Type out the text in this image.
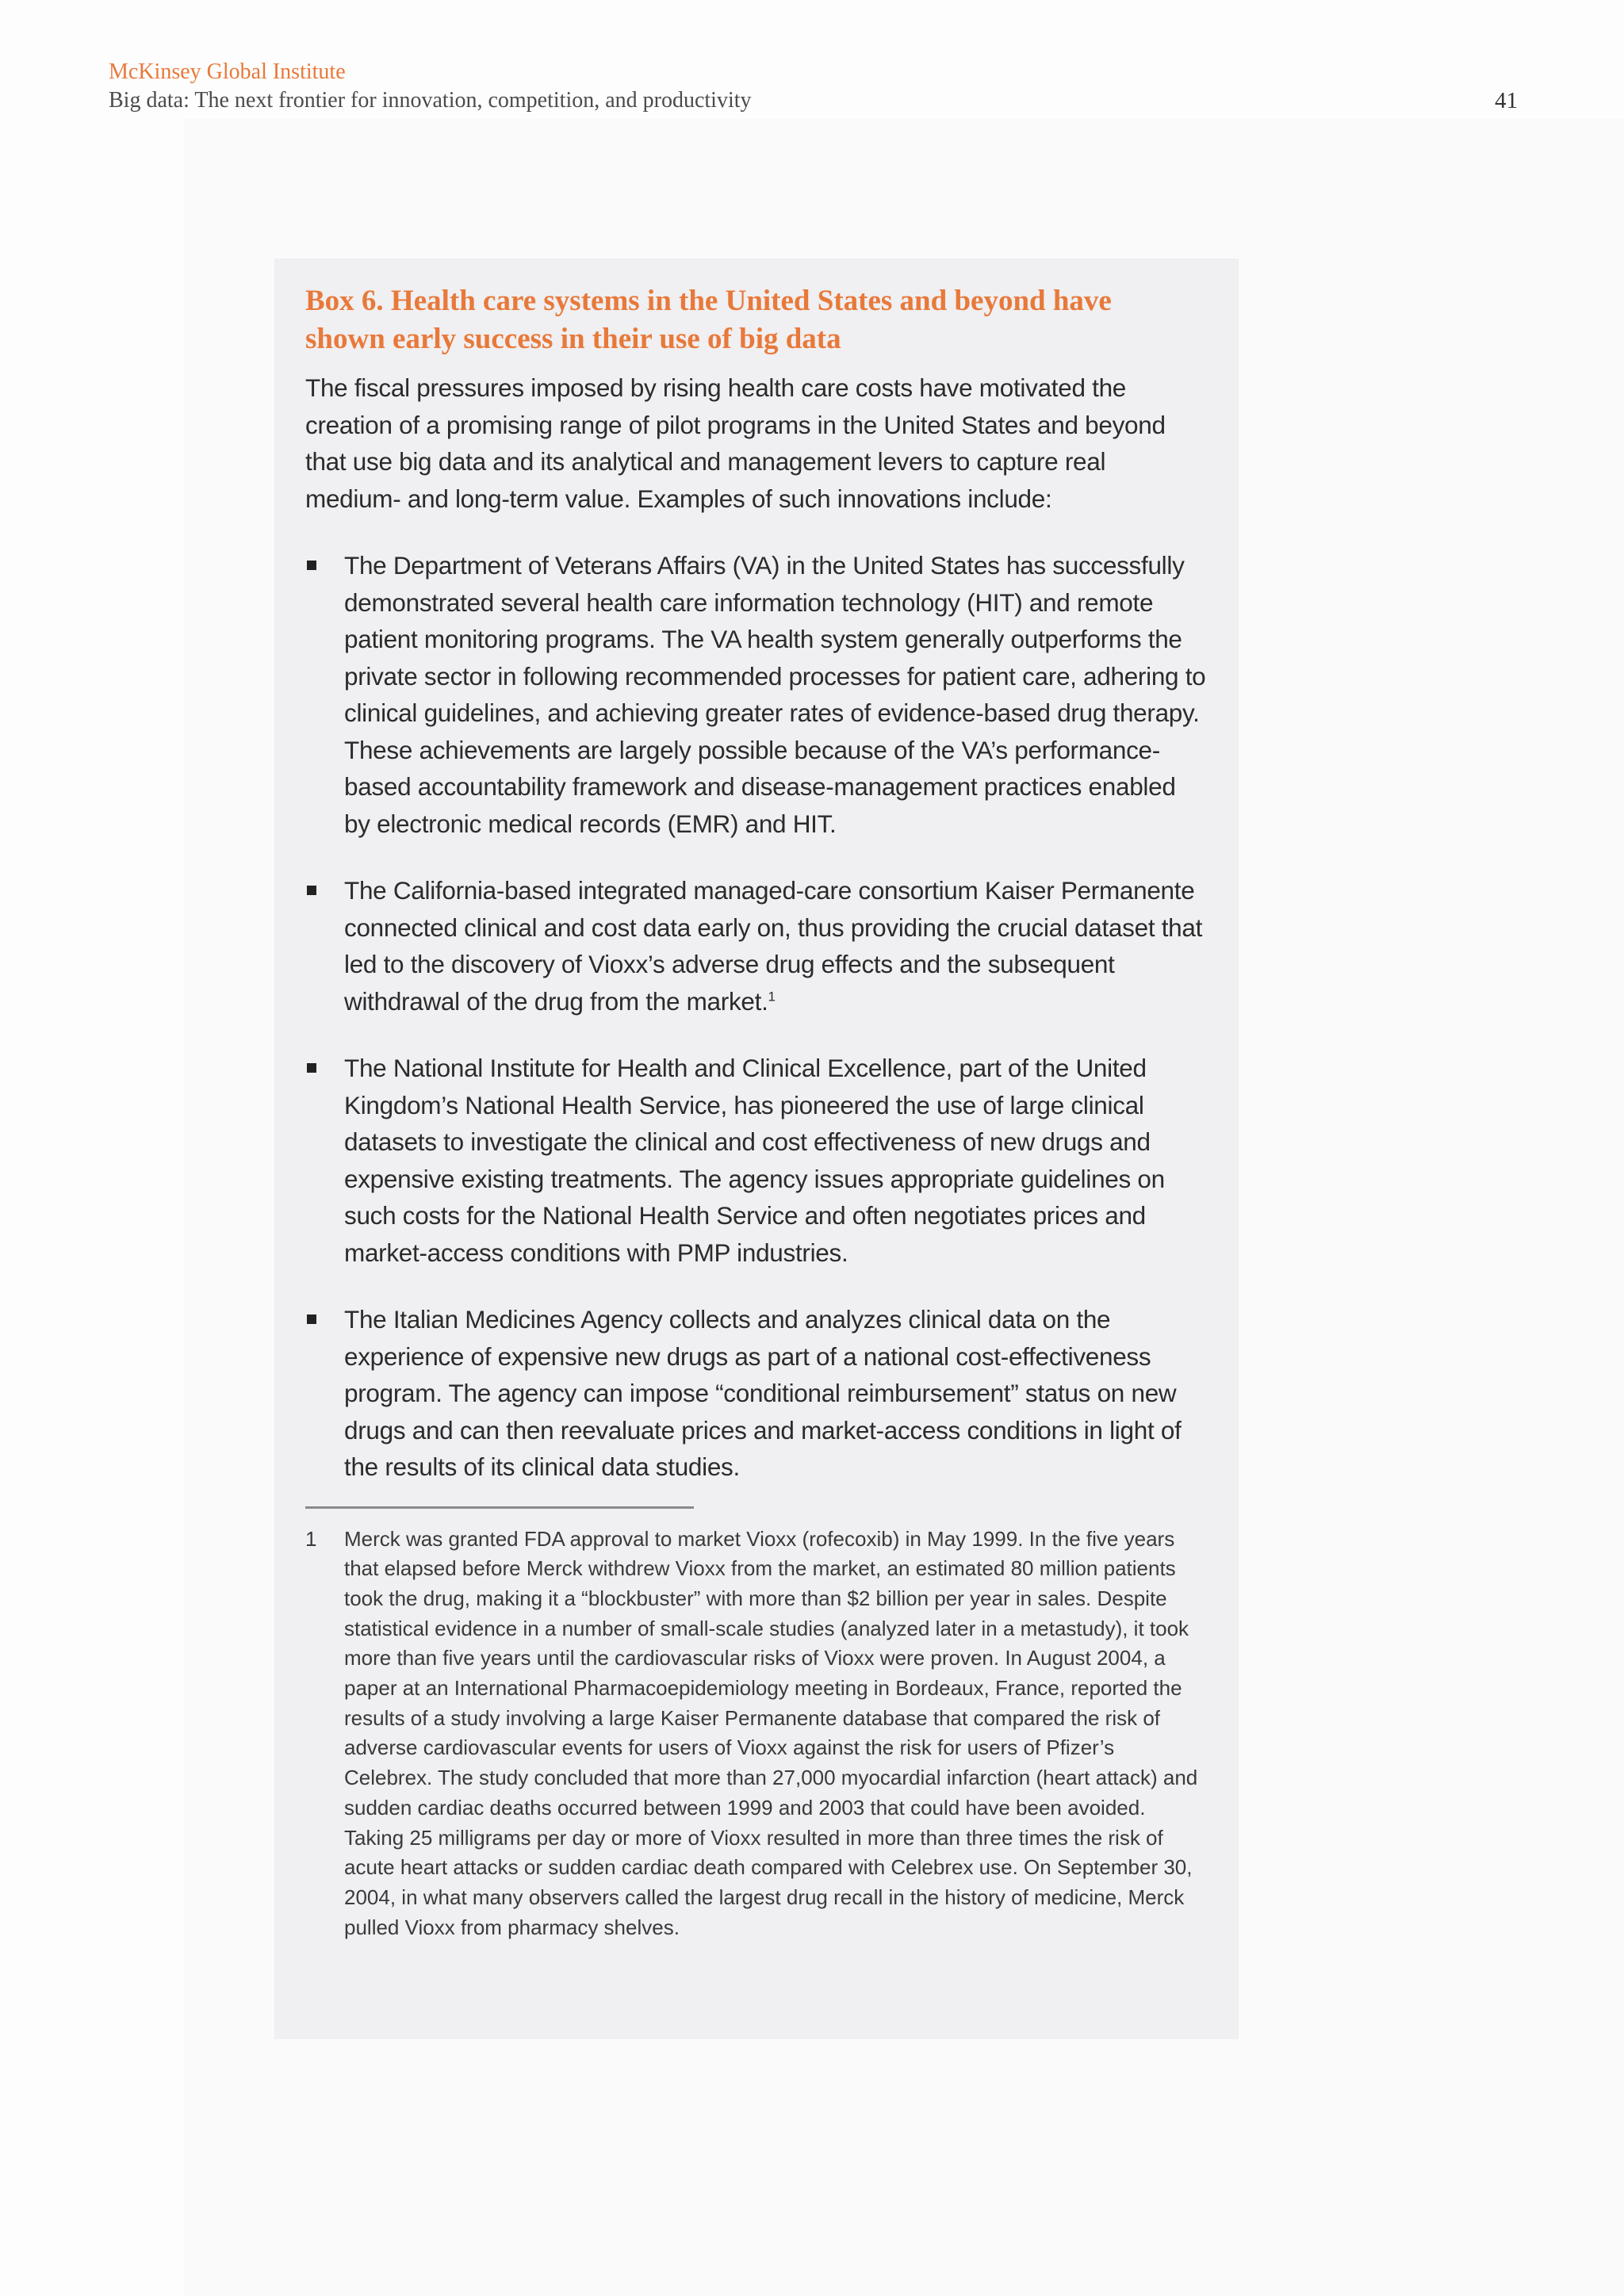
McKinsey Global Institute
Big data: The next frontier for innovation, competition, and productivity	41
Box 6. Health care systems in the United States and beyond have shown early success in their use of big data

The fiscal pressures imposed by rising health care costs have motivated the creation of a promising range of pilot programs in the United States and beyond that use big data and its analytical and management levers to capture real medium- and long-term value. Examples of such innovations include:

The Department of Veterans Affairs (VA) in the United States has successfully demonstrated several health care information technology (HIT) and remote patient monitoring programs. The VA health system generally outperforms the private sector in following recommended processes for patient care, adhering to clinical guidelines, and achieving greater rates of evidence-based drug therapy. These achievements are largely possible because of the VA’s performance-based accountability framework and disease-management practices enabled by electronic medical records (EMR) and HIT.
The California-based integrated managed-care consortium Kaiser Permanente connected clinical and cost data early on, thus providing the crucial dataset that led to the discovery of Vioxx’s adverse drug effects and the subsequent withdrawal of the drug from the market.$^1$
The National Institute for Health and Clinical Excellence, part of the United Kingdom’s National Health Service, has pioneered the use of large clinical datasets to investigate the clinical and cost effectiveness of new drugs and expensive existing treatments. The agency issues appropriate guidelines on such costs for the National Health Service and often negotiates prices and market-access conditions with PMP industries.
The Italian Medicines Agency collects and analyzes clinical data on the experience of expensive new drugs as part of a national cost-effectiveness program. The agency can impose “conditional reimbursement” status on new drugs and can then reevaluate prices and market-access conditions in light of the results of its clinical data studies.
1 Merck was granted FDA approval to market Vioxx (rofecoxib) in May 1999. In the five years that elapsed before Merck withdrew Vioxx from the market, an estimated 80 million patients took the drug, making it a “blockbuster” with more than $2 billion per year in sales. Despite statistical evidence in a number of small-scale studies (analyzed later in a metastudy), it took more than five years until the cardiovascular risks of Vioxx were proven. In August 2004, a paper at an International Pharmacoepidemiology meeting in Bordeaux, France, reported the results of a study involving a large Kaiser Permanente database that compared the risk of adverse cardiovascular events for users of Vioxx against the risk for users of Pfizer’s Celebrex. The study concluded that more than 27,000 myocardial infarction (heart attack) and sudden cardiac deaths occurred between 1999 and 2003 that could have been avoided. Taking 25 milligrams per day or more of Vioxx resulted in more than three times the risk of acute heart attacks or sudden cardiac death compared with Celebrex use. On September 30, 2004, in what many observers called the largest drug recall in the history of medicine, Merck pulled Vioxx from pharmacy shelves.
